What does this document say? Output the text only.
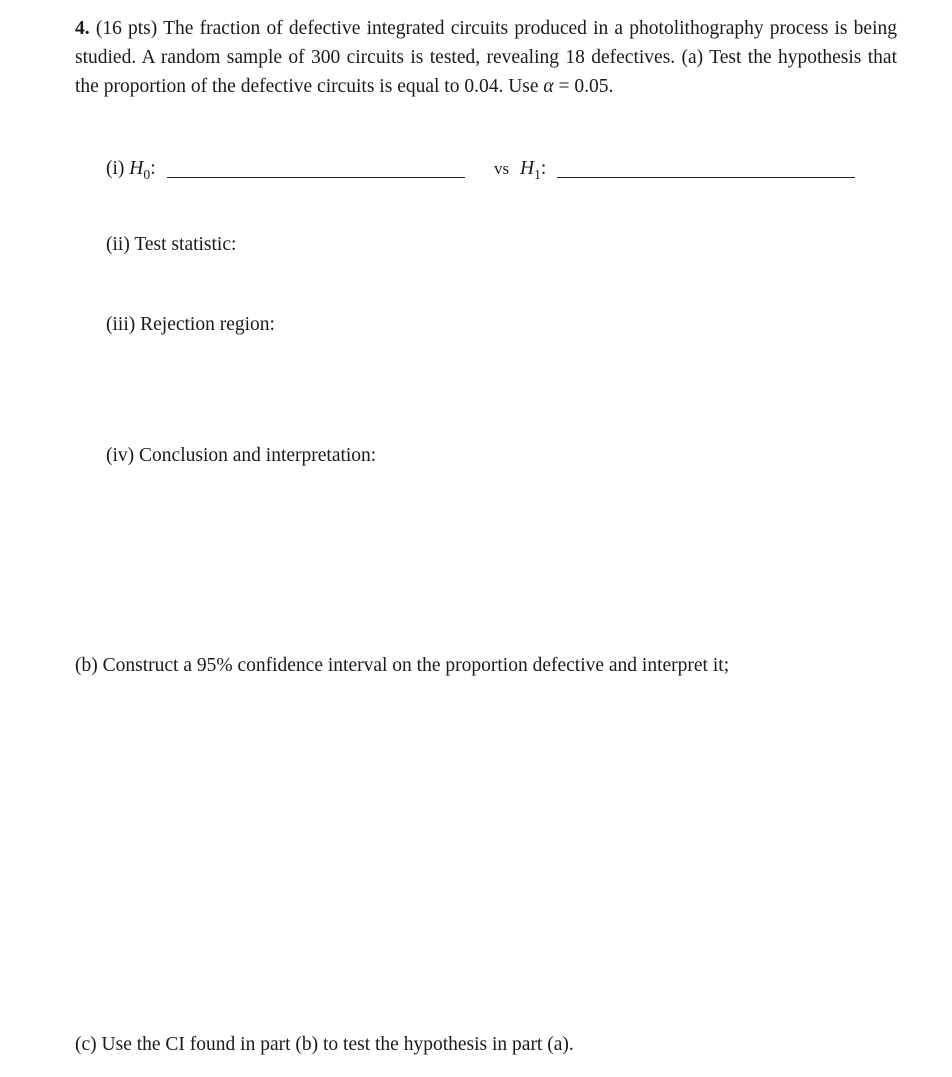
4. (16 pts) The fraction of defective integrated circuits produced in a photolithography process is being studied. A random sample of 300 circuits is tested, revealing 18 defectives. (a) Test the hypothesis that the proportion of the defective circuits is equal to 0.04. Use α = 0.05.

(i) $H_0$:	vs $H_1$:
(ii) Test statistic:
(iii) Rejection region:
(iv) Conclusion and interpretation:
(b) Construct a 95% confidence interval on the proportion defective and interpret it;
(c) Use the CI found in part (b) to test the hypothesis in part (a).
